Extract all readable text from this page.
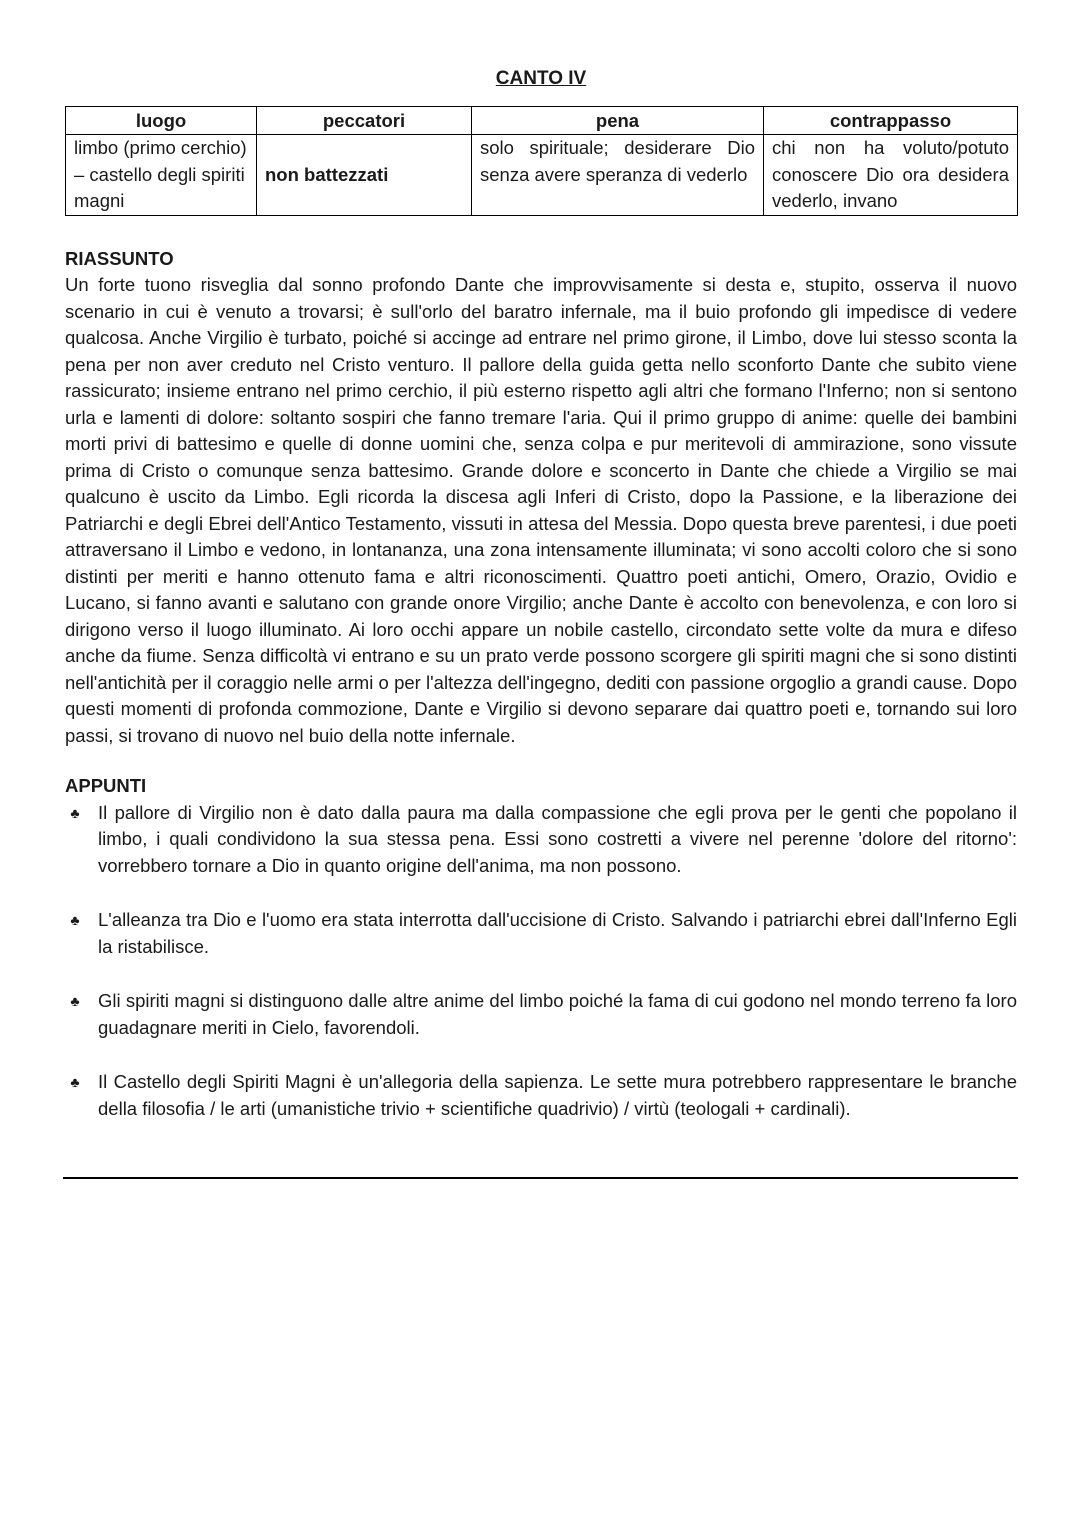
CANTO IV
luogo	peccatori	pena	contrappasso
limbo (primo cerchio) – castello degli spiriti magni	non battezzati	solo spirituale; desiderare Dio senza avere speranza di vederlo	chi non ha voluto/potuto conoscere Dio ora desidera vederlo, invano
RIASSUNTO

Un forte tuono risveglia dal sonno profondo Dante che improvvisamente si desta e, stupito, osserva il nuovo scenario in cui è venuto a trovarsi; è sull'orlo del baratro infernale, ma il buio profondo gli impedisce di vedere qualcosa. Anche Virgilio è turbato, poiché si accinge ad entrare nel primo girone, il Limbo, dove lui stesso sconta la pena per non aver creduto nel Cristo venturo. Il pallore della guida getta nello sconforto Dante che subito viene rassicurato; insieme entrano nel primo cerchio, il più esterno rispetto agli altri che formano l'Inferno; non si sentono urla e lamenti di dolore: soltanto sospiri che fanno tremare l'aria. Qui il primo gruppo di anime: quelle dei bambini morti privi di battesimo e quelle di donne uomini che, senza colpa e pur meritevoli di ammirazione, sono vissute prima di Cristo o comunque senza battesimo. Grande dolore e sconcerto in Dante che chiede a Virgilio se mai qualcuno è uscito da Limbo. Egli ricorda la discesa agli Inferi di Cristo, dopo la Passione, e la liberazione dei Patriarchi e degli Ebrei dell'Antico Testamento, vissuti in attesa del Messia. Dopo questa breve parentesi, i due poeti attraversano il Limbo e vedono, in lontananza, una zona intensamente illuminata; vi sono accolti coloro che si sono distinti per meriti e hanno ottenuto fama e altri riconoscimenti. Quattro poeti antichi, Omero, Orazio, Ovidio e Lucano, si fanno avanti e salutano con grande onore Virgilio; anche Dante è accolto con benevolenza, e con loro si dirigono verso il luogo illuminato. Ai loro occhi appare un nobile castello, circondato sette volte da mura e difeso anche da fiume. Senza difficoltà vi entrano e su un prato verde possono scorgere gli spiriti magni che si sono distinti nell'antichità per il coraggio nelle armi o per l'altezza dell'ingegno, dediti con passione orgoglio a grandi cause. Dopo questi momenti di profonda commozione, Dante e Virgilio si devono separare dai quattro poeti e, tornando sui loro passi, si trovano di nuovo nel buio della notte infernale.

APPUNTI
♣ Il pallore di Virgilio non è dato dalla paura ma dalla compassione che egli prova per le genti che popolano il limbo, i quali condividono la sua stessa pena. Essi sono costretti a vivere nel perenne 'dolore del ritorno': vorrebbero tornare a Dio in quanto origine dell'anima, ma non possono.
♣ L'alleanza tra Dio e l'uomo era stata interrotta dall'uccisione di Cristo. Salvando i patriarchi ebrei dall'Inferno Egli la ristabilisce.
♣ Gli spiriti magni si distinguono dalle altre anime del limbo poiché la fama di cui godono nel mondo terreno fa loro guadagnare meriti in Cielo, favorendoli.
♣ Il Castello degli Spiriti Magni è un'allegoria della sapienza. Le sette mura potrebbero rappresentare le branche della filosofia / le arti (umanistiche trivio + scientifiche quadrivio) / virtù (teologali + cardinali).
